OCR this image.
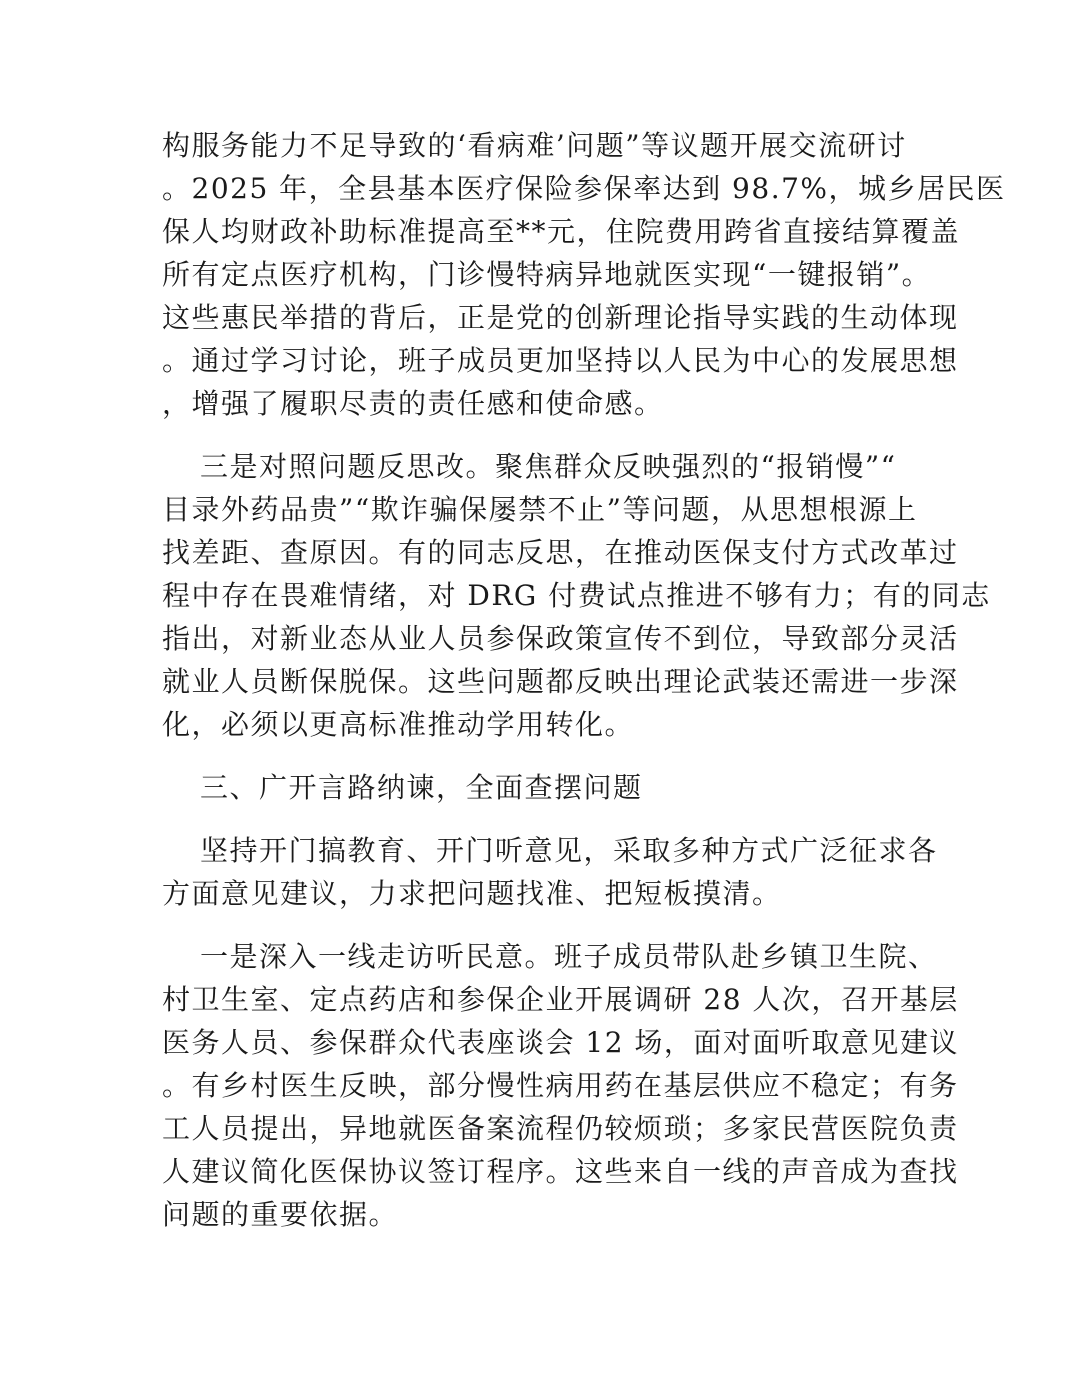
构服务能力不足导致的‘看病难’问题”等议题开展交流研讨
。2025 年，全县基本医疗保险参保率达到 98.7%，城乡居民医
保人均财政补助标准提高至**元，住院费用跨省直接结算覆盖
所有定点医疗机构，门诊慢特病异地就医实现“一键报销”。
这些惠民举措的背后，正是党的创新理论指导实践的生动体现
。通过学习讨论，班子成员更加坚持以人民为中心的发展思想
，增强了履职尽责的责任感和使命感。
三是对照问题反思改。聚焦群众反映强烈的“报销慢”“
目录外药品贵”“欺诈骗保屡禁不止”等问题，从思想根源上
找差距、查原因。有的同志反思，在推动医保支付方式改革过
程中存在畏难情绪，对 DRG 付费试点推进不够有力；有的同志
指出，对新业态从业人员参保政策宣传不到位，导致部分灵活
就业人员断保脱保。这些问题都反映出理论武装还需进一步深
化，必须以更高标准推动学用转化。
三、广开言路纳谏，全面查摆问题
坚持开门搞教育、开门听意见，采取多种方式广泛征求各
方面意见建议，力求把问题找准、把短板摸清。
一是深入一线走访听民意。班子成员带队赴乡镇卫生院、
村卫生室、定点药店和参保企业开展调研 28 人次，召开基层
医务人员、参保群众代表座谈会 12 场，面对面听取意见建议
。有乡村医生反映，部分慢性病用药在基层供应不稳定；有务
工人员提出，异地就医备案流程仍较烦琐；多家民营医院负责
人建议简化医保协议签订程序。这些来自一线的声音成为查找
问题的重要依据。
